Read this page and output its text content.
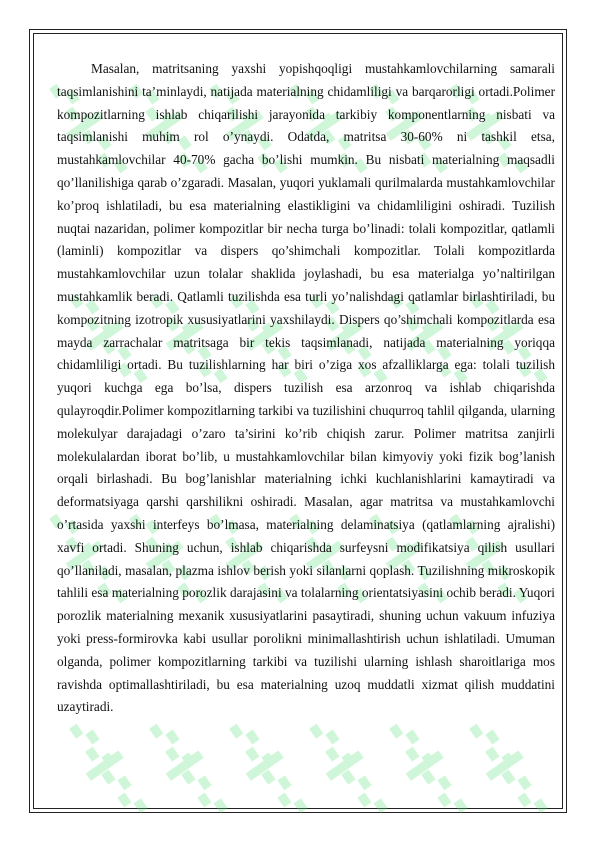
Masalan, matritsaning yaxshi yopishqoqligi mustahkamlovchilarning samarali taqsimlanishini ta’minlaydi, natijada materialning chidamliligi va barqarorligi ortadi.Polimer kompozitlarning ishlab chiqarilishi jarayonida tarkibiy komponentlarning nisbati va taqsimlanishi muhim rol o’ynaydi. Odatda, matritsa 30-60% ni tashkil etsa, mustahkamlovchilar 40-70% gacha bo’lishi mumkin. Bu nisbati materialning maqsadli qo’llanilishiga qarab o’zgaradi. Masalan, yuqori yuklamali qurilmalarda mustahkamlovchilar ko’proq ishlatiladi, bu esa materialning elastikligini va chidamliligini oshiradi. Tuzilish nuqtai nazaridan, polimer kompozitlar bir necha turga bo’linadi: tolali kompozitlar, qatlamli (laminli) kompozitlar va dispers qo’shimchali kompozitlar. Tolali kompozitlarda mustahkamlovchilar uzun tolalar shaklida joylashadi, bu esa materialga yo’naltirilgan mustahkamlik beradi. Qatlamli tuzilishda esa turli yo’nalishdagi qatlamlar birlashtiriladi, bu kompozitning izotropik xususiyatlarini yaxshilaydi. Dispers qo’shimchali kompozitlarda esa mayda zarrachalar matritsaga bir tekis taqsimlanadi, natijada materialning yoriqqa chidamliligi ortadi. Bu tuzilishlarning har biri o’ziga xos afzalliklarga ega: tolali tuzilish yuqori kuchga ega bo’lsa, dispers tuzilish esa arzonroq va ishlab chiqarishda qulayroqdir.Polimer kompozitlarning tarkibi va tuzilishini chuqurroq tahlil qilganda, ularning molekulyar darajadagi o’zaro ta’sirini ko’rib chiqish zarur. Polimer matritsa zanjirli molekulalardan iborat bo’lib, u mustahkamlovchilar bilan kimyoviy yoki fizik bog’lanish orqali birlashadi. Bu bog’lanishlar materialning ichki kuchlanishlarini kamaytiradi va deformatsiyaga qarshi qarshilikni oshiradi. Masalan, agar matritsa va mustahkamlovchi o’rtasida yaxshi interfeys bo’lmasa, materialning delaminatsiya (qatlamlarning ajralishi) xavfi ortadi. Shuning uchun, ishlab chiqarishda surfeysni modifikatsiya qilish usullari qo’llaniladi, masalan, plazma ishlov berish yoki silanlarni qoplash. Tuzilishning mikroskopik tahlili esa materialning porozlik darajasini va tolalarning orientatsiyasini ochib beradi. Yuqori porozlik materialning mexanik xususiyatlarini pasaytiradi, shuning uchun vakuum infuziya yoki press-formirovka kabi usullar porolikni minimallashtirish uchun ishlatiladi. Umuman olganda, polimer kompozitlarning tarkibi va tuzilishi ularning ishlash sharoitlariga mos ravishda optimallashtiriladi, bu esa materialning uzoq muddatli xizmat qilish muddatini uzaytiradi.
